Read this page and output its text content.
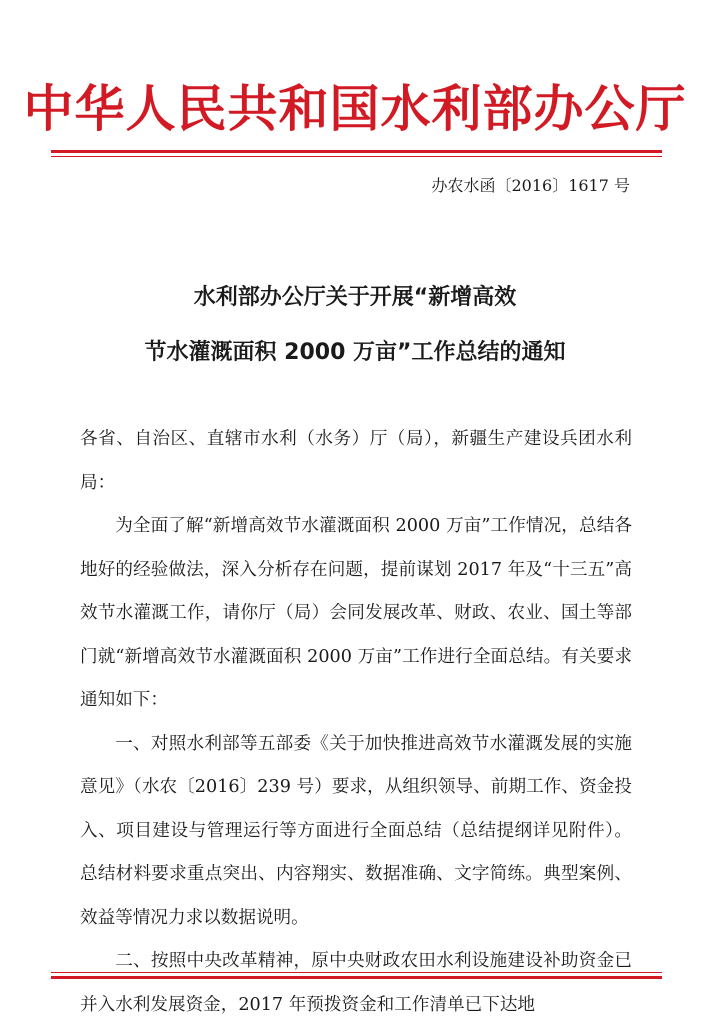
中华人民共和国水利部办公厅
办农水函〔2016〕1617 号
水利部办公厅关于开展“新增高效
节水灌溉面积 2000 万亩”工作总结的通知

各省、自治区、直辖市水利（水务）厅（局），新疆生产建设兵团水利局：

为全面了解“新增高效节水灌溉面积 2000 万亩”工作情况，总结各地好的经验做法，深入分析存在问题，提前谋划 2017 年及“十三五”高效节水灌溉工作，请你厅（局）会同发展改革、财政、农业、国土等部门就“新增高效节水灌溉面积 2000 万亩”工作进行全面总结。有关要求通知如下：

一、对照水利部等五部委《关于加快推进高效节水灌溉发展的实施意见》（水农〔2016〕239 号）要求，从组织领导、前期工作、资金投入、项目建设与管理运行等方面进行全面总结（总结提纲详见附件）。总结材料要求重点突出、内容翔实、数据准确、文字简练。典型案例、效益等情况力求以数据说明。

二、按照中央改革精神，原中央财政农田水利设施建设补助资金已并入水利发展资金，2017 年预拨资金和工作清单已下达地
